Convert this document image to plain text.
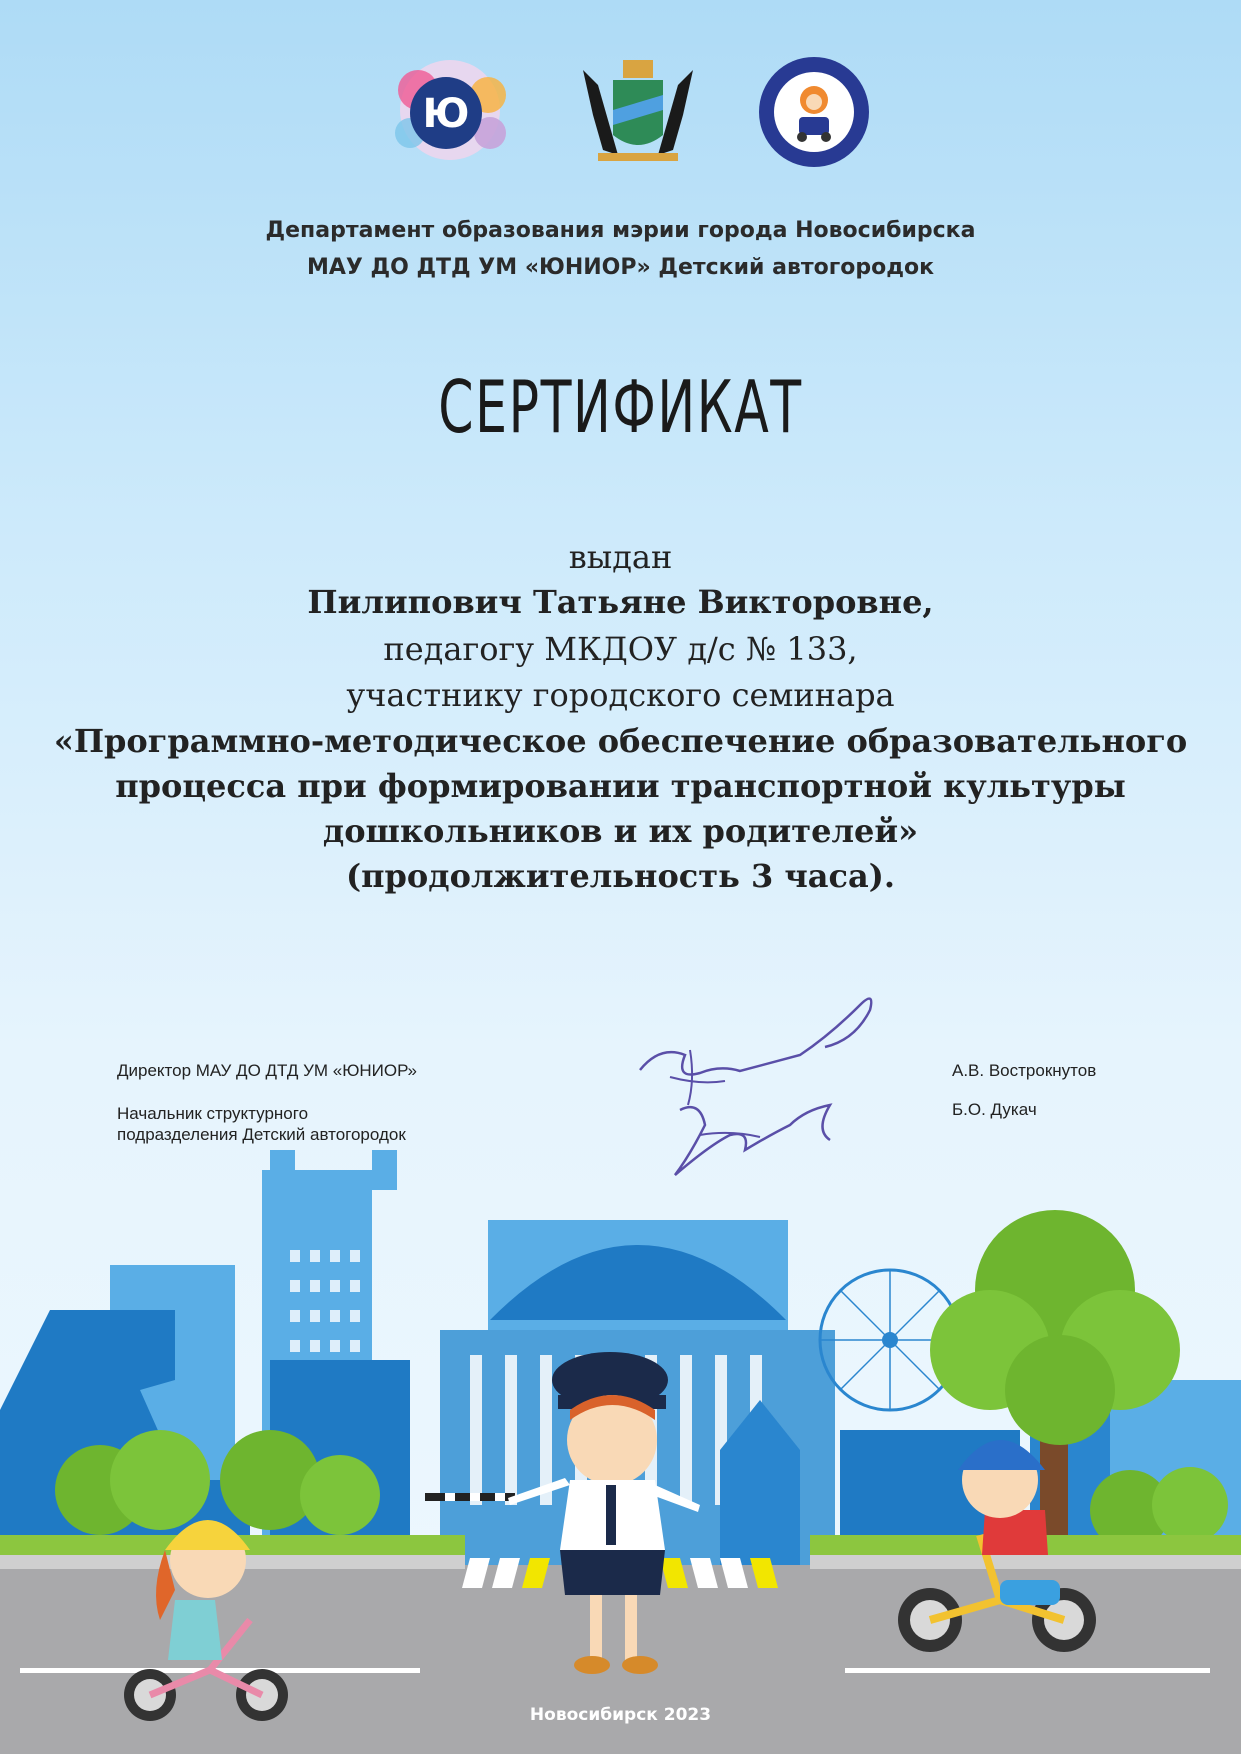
Ю
Департамент образования мэрии города Новосибирска
МАУ ДО ДТД УМ «ЮНИОР» Детский автогородок
СЕРТИФИКАТ
выдан
Пилипович Татьяне Викторовне,
педагогу МКДОУ д/с № 133,
участнику городского семинара
«Программно-методическое обеспечение образовательного
процесса при формировании транспортной культуры
дошкольников и их родителей»
(продолжительность 3 часа).
Директор МАУ ДО ДТД УМ «ЮНИОР»
Начальник структурного
подразделения Детский автогородок
А.В. Вострокнутов
Б.О. Дукач
Новосибирск 2023
